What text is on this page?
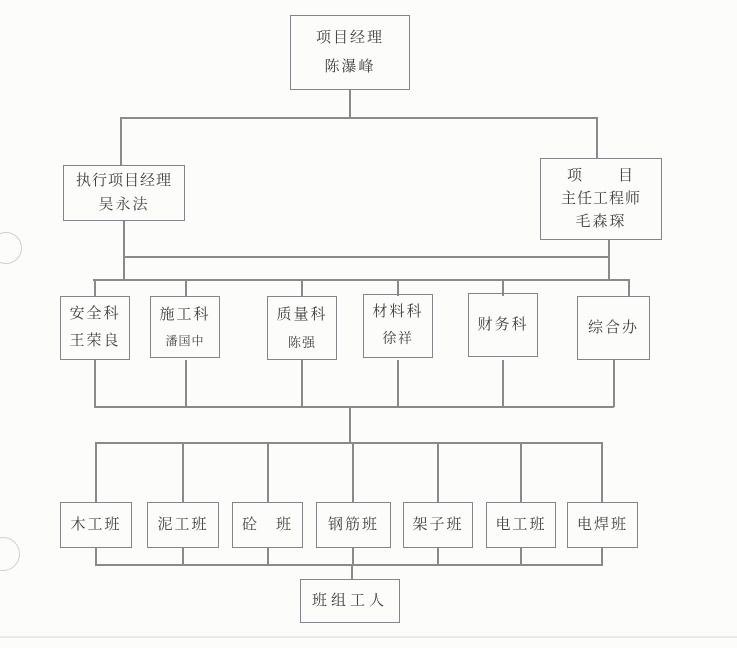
项目经理
陈瀑峰
执行项目经理
吴永法
项　　目
主任工程师
毛森琛
安全科
王荣良
施工科
潘国中
质量科
陈强
材料科
徐祥
财务科	综合办
木工班 泥工班 砼　班 钢筋班 架子班 电工班 电焊班
班组工人
